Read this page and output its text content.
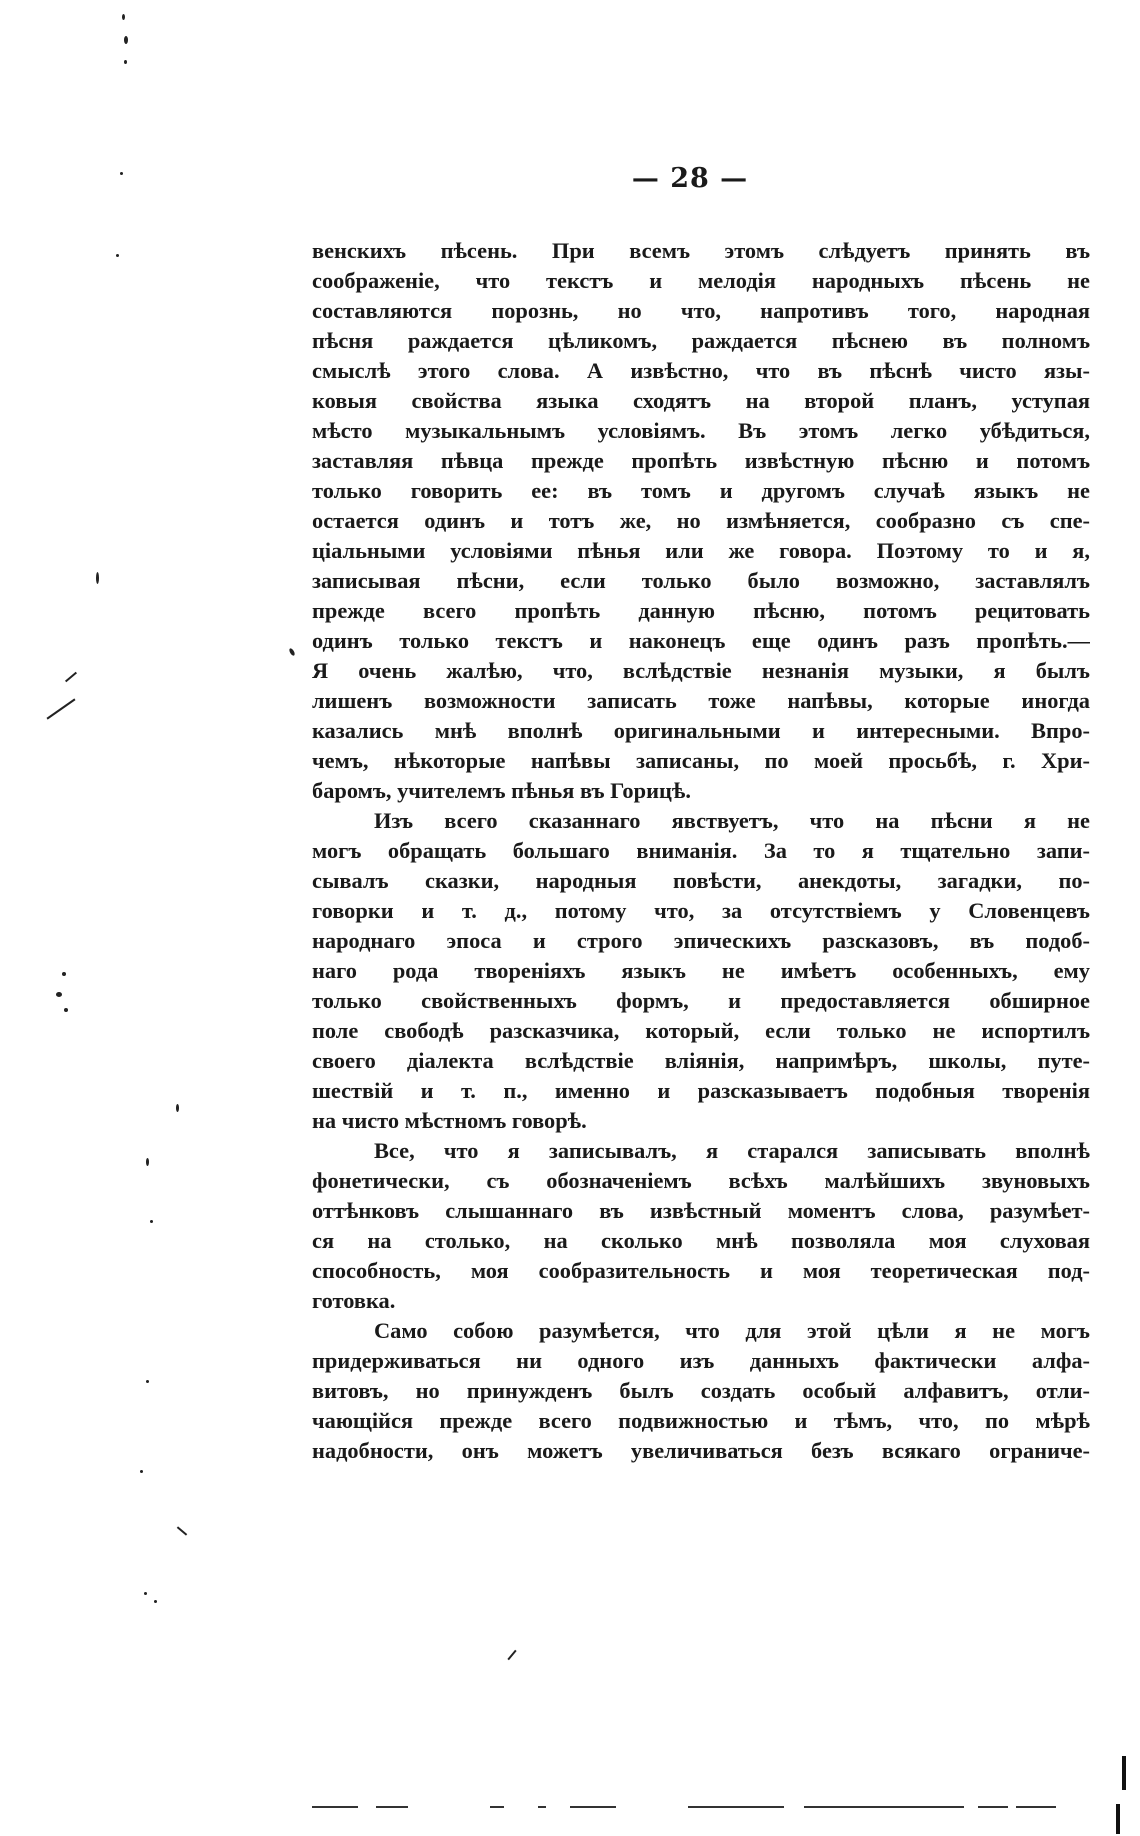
— 28 —
венскихъ пѣсень. При всемъ этомъ слѣдуетъ принять въ
соображеніе, что текстъ и мелодія народныхъ пѣсень не
составляются порознь, но что, напротивъ того, народная
пѣсня раждается цѣликомъ, раждается пѣснею въ полномъ
смыслѣ этого слова. А извѣстно, что въ пѣснѣ чисто язы-
ковыя свойства языка сходятъ на второй планъ, уступая
мѣсто музыкальнымъ условіямъ. Въ этомъ легко убѣдиться,
заставляя пѣвца прежде пропѣть извѣстную пѣсню и потомъ
только говорить ее: въ томъ и другомъ случаѣ языкъ не
остается одинъ и тотъ же, но измѣняется, сообразно съ спе-
ціальными условіями пѣнья или же говора. Поэтому то и я,
записывая пѣсни, если только было возможно, заставлялъ
прежде всего пропѣть данную пѣсню, потомъ рецитовать
одинъ только текстъ и наконецъ еще одинъ разъ пропѣть.—
Я очень жалѣю, что, вслѣдствіе незнанія музыки, я былъ
лишенъ возможности записать тоже напѣвы, которые иногда
казались мнѣ вполнѣ оригинальными и интересными. Впро-
чемъ, нѣкоторые напѣвы записаны, по моей просьбѣ, г. Хри-
баромъ, учителемъ пѣнья въ Горицѣ.
Изъ всего сказаннаго явствуетъ, что на пѣсни я не
могъ обращать большаго вниманія. За то я тщательно запи-
сывалъ сказки, народныя повѣсти, анекдоты, загадки, по-
говорки и т. д., потому что, за отсутствіемъ у Словенцевъ
народнаго эпоса и строго эпическихъ разсказовъ, въ подоб-
наго рода твореніяхъ языкъ не имѣетъ особенныхъ, ему
только свойственныхъ формъ, и предоставляется обширное
поле свободѣ разсказчика, который, если только не испортилъ
своего діалекта вслѣдствіе вліянія, напримѣръ, школы, путе-
шествій и т. п., именно и разсказываетъ подобныя творенія
на чисто мѣстномъ говорѣ.
Все, что я записывалъ, я старался записывать вполнѣ
фонетически, съ обозначеніемъ всѣхъ малѣйшихъ звуновыхъ
оттѣнковъ слышаннаго въ извѣстный моментъ слова, разумѣет-
ся на столько, на сколько мнѣ позволяла моя слуховая
способность, моя сообразительность и моя теоретическая под-
готовка.
Само собою разумѣется, что для этой цѣли я не могъ
придерживаться ни одного изъ данныхъ фактически алфа-
витовъ, но принужденъ былъ создать особый алфавитъ, отли-
чающійся прежде всего подвижностью и тѣмъ, что, по мѣрѣ
надобности, онъ можетъ увеличиваться безъ всякаго ограниче-
